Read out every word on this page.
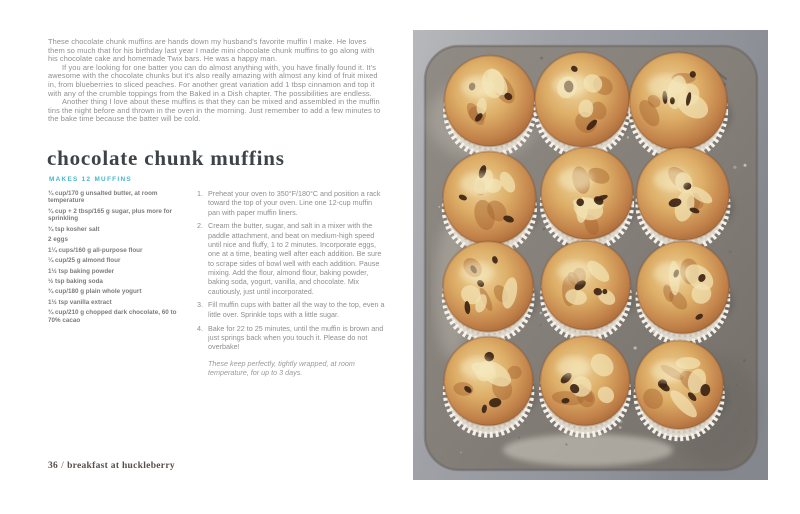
These chocolate chunk muffins are hands down my husband's favorite muffin I make. He loves them so much that for his birthday last year I made mini chocolate chunk muffins to go along with his chocolate cake and homemade Twix bars. He was a happy man.

If you are looking for one batter you can do almost anything with, you have finally found it. It's awesome with the chocolate chunks but it's also really amazing with almost any kind of fruit mixed in, from blueberries to sliced peaches. For another great variation add 1 tbsp cinnamon and top it with any of the crumble toppings from the Baked in a Dish chapter. The possibilities are endless.

Another thing I love about these muffins is that they can be mixed and assembled in the muffin tins the night before and thrown in the oven in the morning. Just remember to add a few minutes to the bake time because the batter will be cold.

chocolate chunk muffins
MAKES 12 MUFFINS
¾ cup/170 g unsalted butter, at room temperature
¾ cup + 2 tbsp/165 g sugar, plus more for sprinkling
¾ tsp kosher salt
2 eggs
1¼ cups/160 g all-purpose flour
¼ cup/25 g almond flour
1½ tsp baking powder
½ tsp baking soda
¾ cup/180 g plain whole yogurt
1½ tsp vanilla extract
¾ cup/210 g chopped dark chocolate, 60 to 70% cacao
1. Preheat your oven to 350°F/180°C and position a rack toward the top of your oven. Line one 12-cup muffin pan with paper muffin liners.
2. Cream the butter, sugar, and salt in a mixer with the paddle attachment, and beat on medium-high speed until nice and fluffy, 1 to 2 minutes. Incorporate eggs, one at a time, beating well after each addition. Be sure to scrape sides of bowl well with each addition. Pause mixing. Add the flour, almond flour, baking powder, baking soda, yogurt, vanilla, and chocolate. Mix cautiously, just until incorporated.
3. Fill muffin cups with batter all the way to the top, even a little over. Sprinkle tops with a little sugar.
4. Bake for 22 to 25 minutes, until the muffin is brown and just springs back when you touch it. Please do not overbake!
These keep perfectly, tightly wrapped, at room temperature, for up to 3 days.
36 / breakfast at huckleberry
